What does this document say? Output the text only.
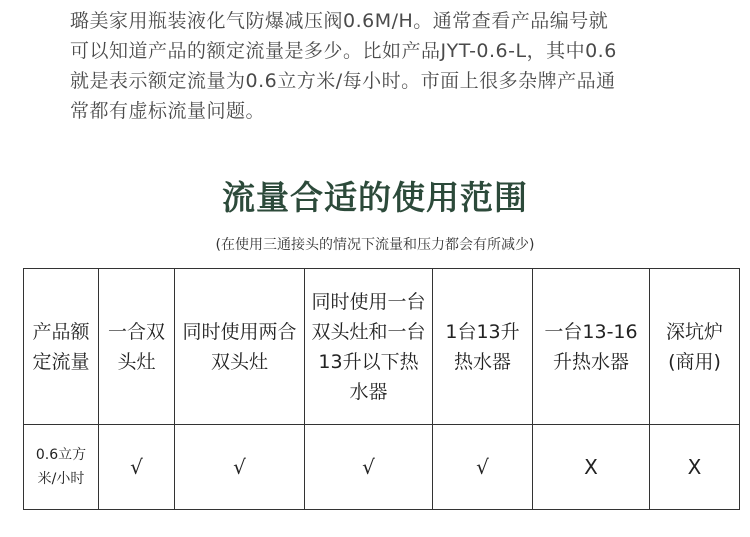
璐美家用瓶装液化气防爆减压阀0.6M/H。通常查看产品编号就

可以知道产品的额定流量是多少。比如产品JYT-0.6-L，其中0.6

就是表示额定流量为0.6立方米/每小时。市面上很多杂牌产品通

常都有虚标流量问题。

流量合适的使用范围
(在使用三通接头的情况下流量和压力都会有所减少)
产品额定流量	一合双头灶	同时使用两合双头灶	同时使用一台双头灶和一台13升以下热水器	1台13升热水器	一台13-16升热水器	深坑炉(商用)
0.6立方米/小时	√	√	√	√	X	X
